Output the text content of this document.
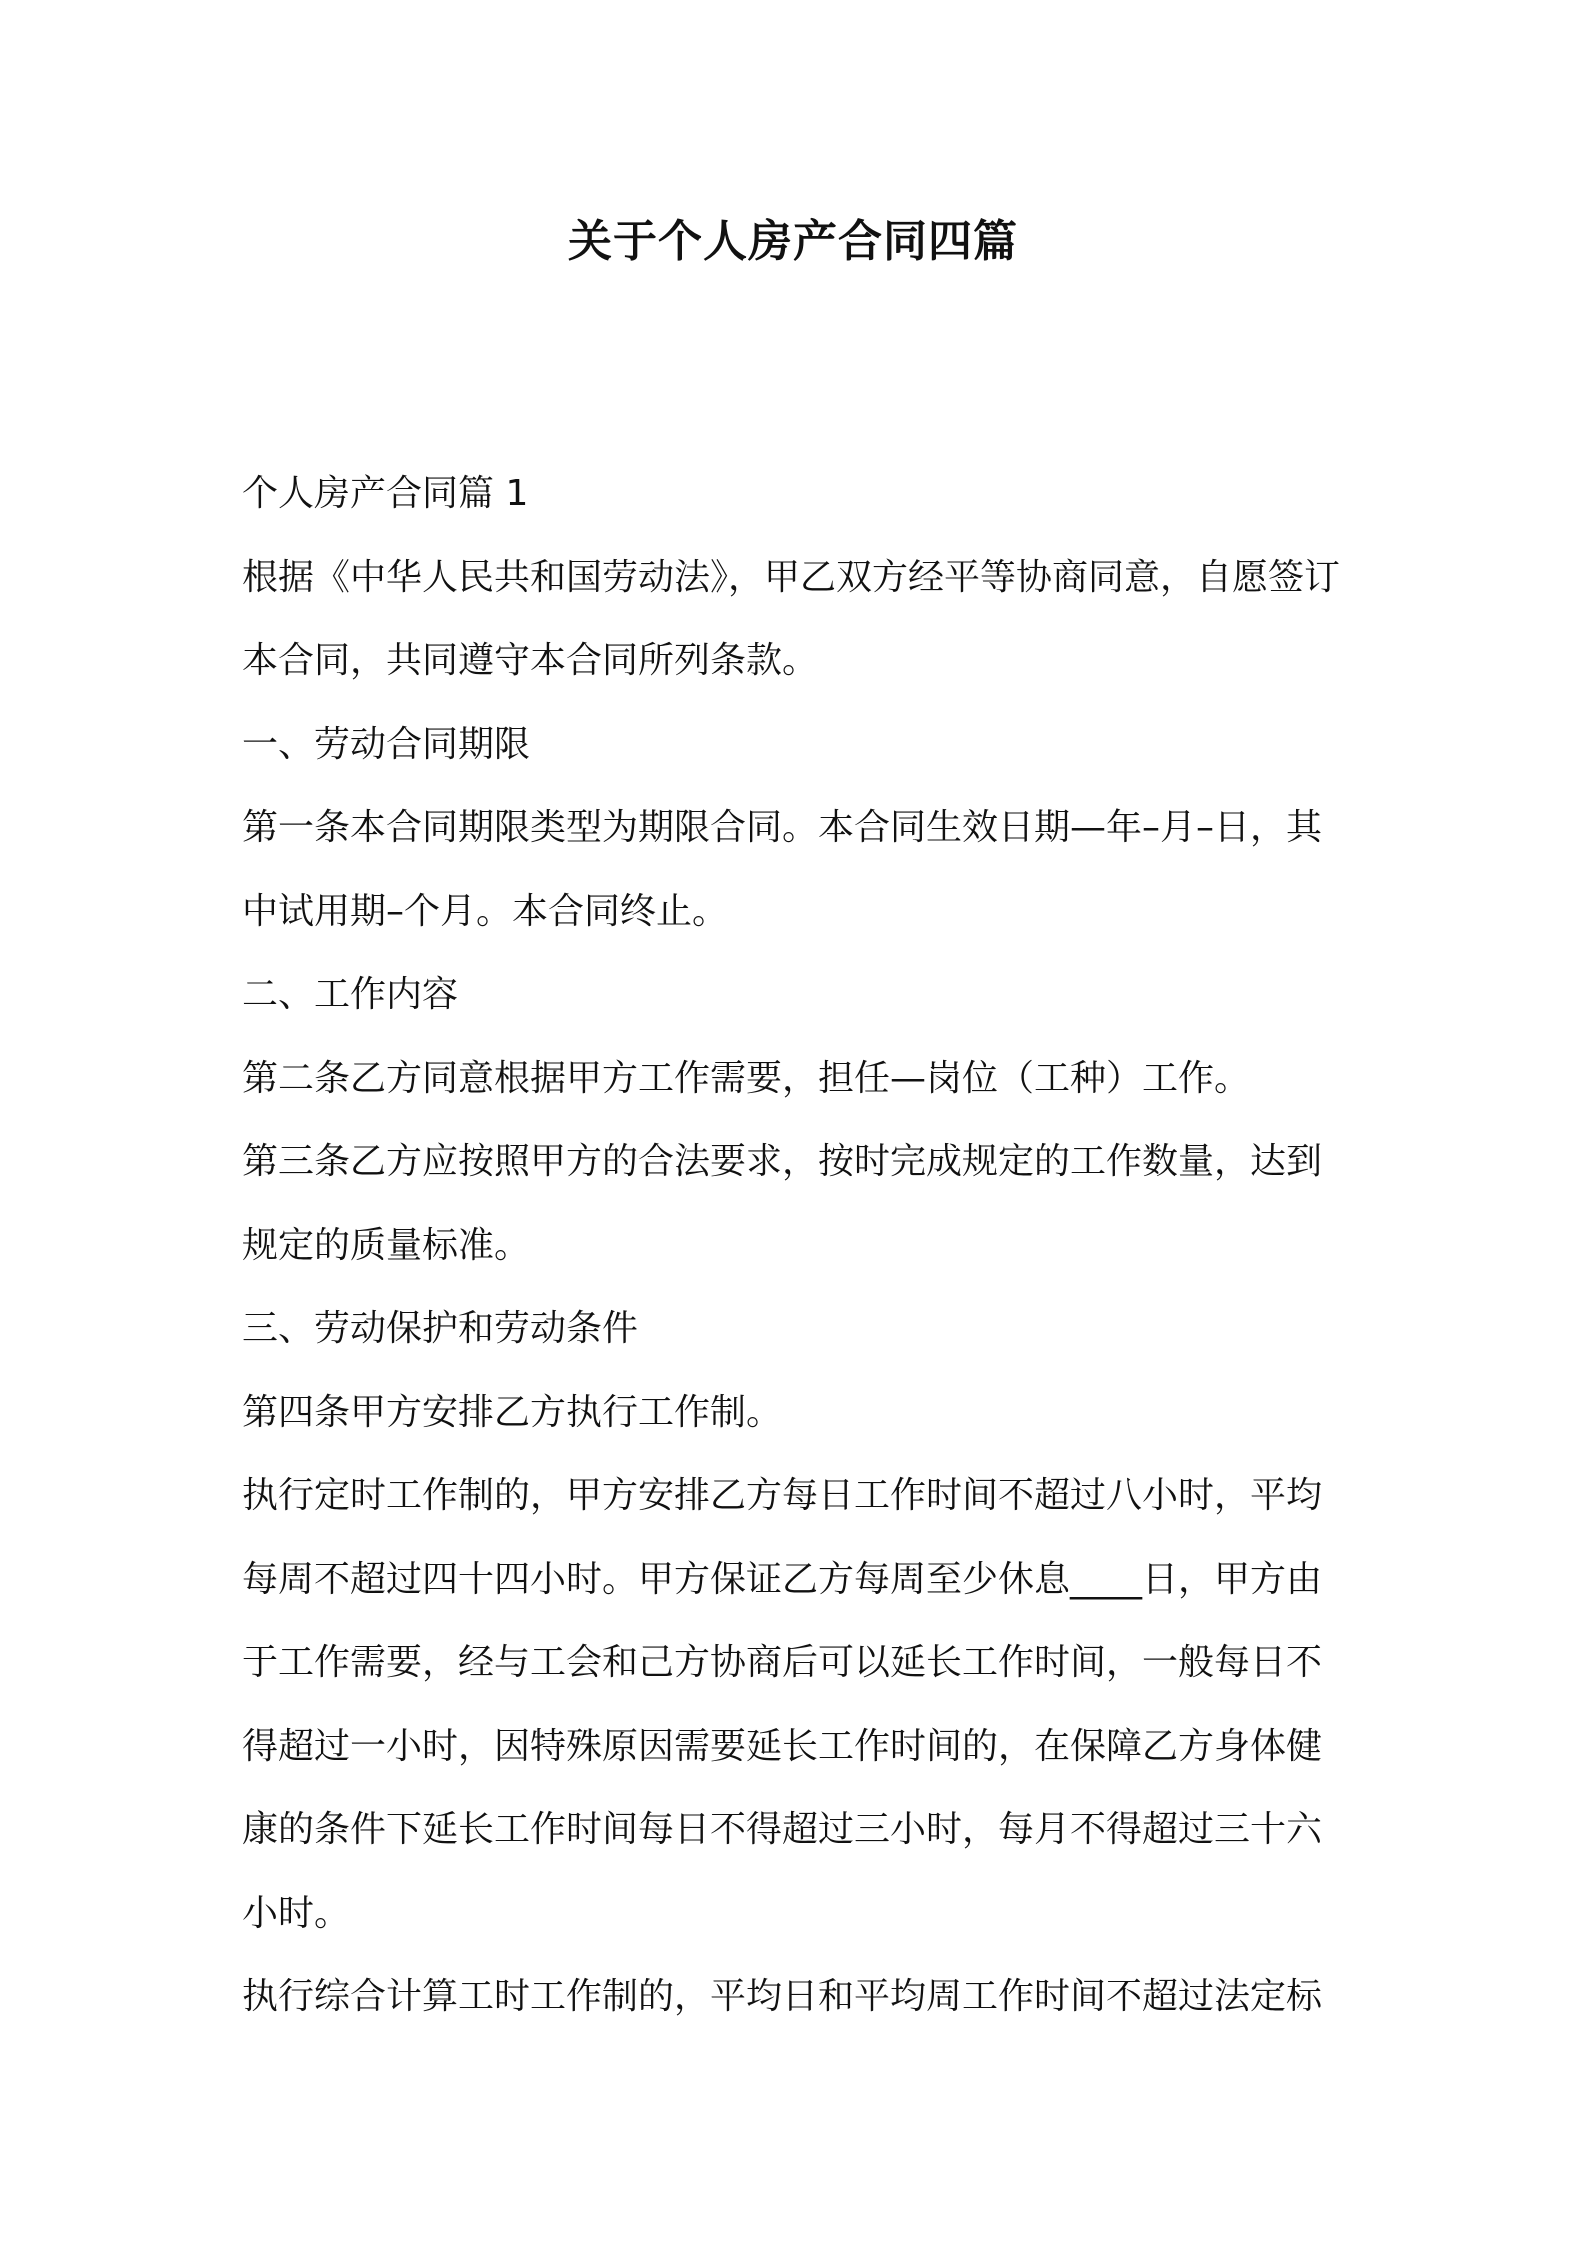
关于个人房产合同四篇

个人房产合同篇 1

根据《中华人民共和国劳动法》，甲乙双方经平等协商同意，自愿签订本合同，共同遵守本合同所列条款。

一、劳动合同期限

第一条本合同期限类型为期限合同。本合同生效日期—年–月–日，其中试用期–个月。本合同终止。

二、工作内容

第二条乙方同意根据甲方工作需要，担任—岗位（工种）工作。

第三条乙方应按照甲方的合法要求，按时完成规定的工作数量，达到规定的质量标准。

三、劳动保护和劳动条件

第四条甲方安排乙方执行工作制。

执行定时工作制的，甲方安排乙方每日工作时间不超过八小时，平均每周不超过四十四小时。甲方保证乙方每周至少休息____日，甲方由于工作需要，经与工会和己方协商后可以延长工作时间，一般每日不得超过一小时，因特殊原因需要延长工作时间的，在保障乙方身体健康的条件下延长工作时间每日不得超过三小时，每月不得超过三十六小时。

执行综合计算工时工作制的，平均日和平均周工作时间不超过法定标
